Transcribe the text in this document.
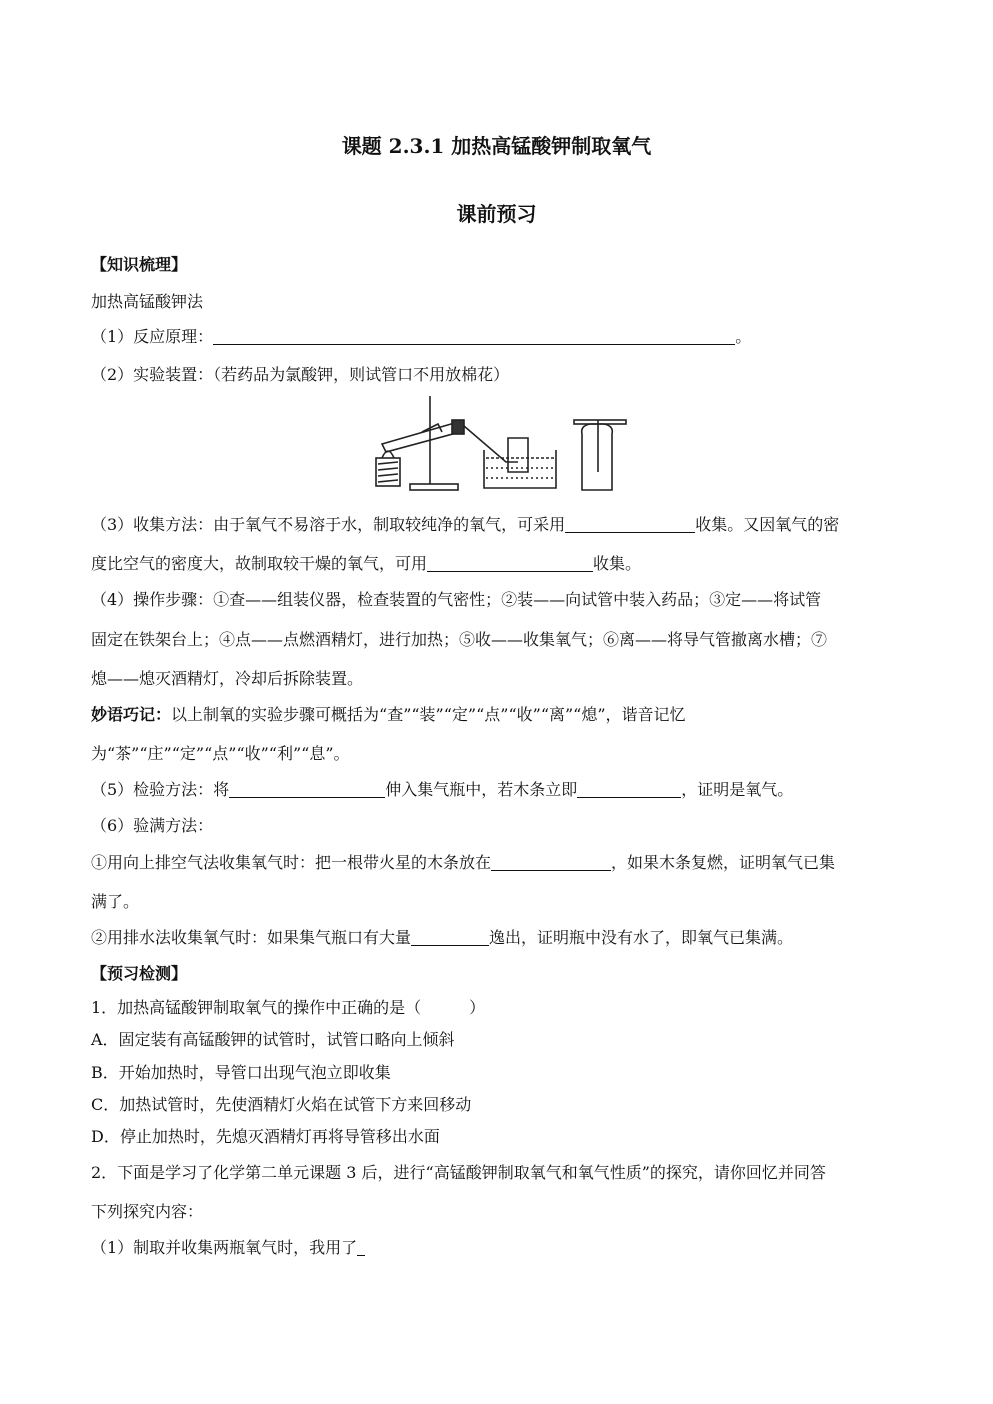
课题 2.3.1 加热高锰酸钾制取氧气
课前预习
【知识梳理】
加热高锰酸钾法
（1）反应原理：	。
（2）实验装置：（若药品为氯酸钾，则试管口不用放棉花）
（3）收集方法：由于氧气不易溶于水，制取较纯净的氧气，可采用	收集。又因氧气的密
度比空气的密度大，故制取较干燥的氧气，可用	收集。
（4）操作步骤：①查——组装仪器，检查装置的气密性；②装——向试管中装入药品；③定——将试管
固定在铁架台上；④点——点燃酒精灯，进行加热；⑤收——收集氧气；⑥离——将导气管撤离水槽；⑦
熄——熄灭酒精灯，冷却后拆除装置。
妙语巧记：以上制氧的实验步骤可概括为“查”“装”“定”“点”“收”“离”“熄”，谐音记忆
为“茶”“庄”“定”“点”“收”“利”“息”。
（5）检验方法：将	伸入集气瓶中，若木条立即	，证明是氧气。
（6）验满方法：
①用向上排空气法收集氧气时：把一根带火星的木条放在	，如果木条复燃，证明氧气已集
满了。
②用排水法收集氧气时：如果集气瓶口有大量	逸出，证明瓶中没有水了，即氧气已集满。
【预习检测】
1．加热高锰酸钾制取氧气的操作中正确的是（　　　）
A．固定装有高锰酸钾的试管时，试管口略向上倾斜
B．开始加热时，导管口出现气泡立即收集
C．加热试管时，先使酒精灯火焰在试管下方来回移动
D．停止加热时，先熄灭酒精灯再将导管移出水面
2．下面是学习了化学第二单元课题 3 后，进行“高锰酸钾制取氧气和氧气性质”的探究，请你回忆并同答
下列探究内容：
（1）制取并收集两瓶氧气时，我用了
